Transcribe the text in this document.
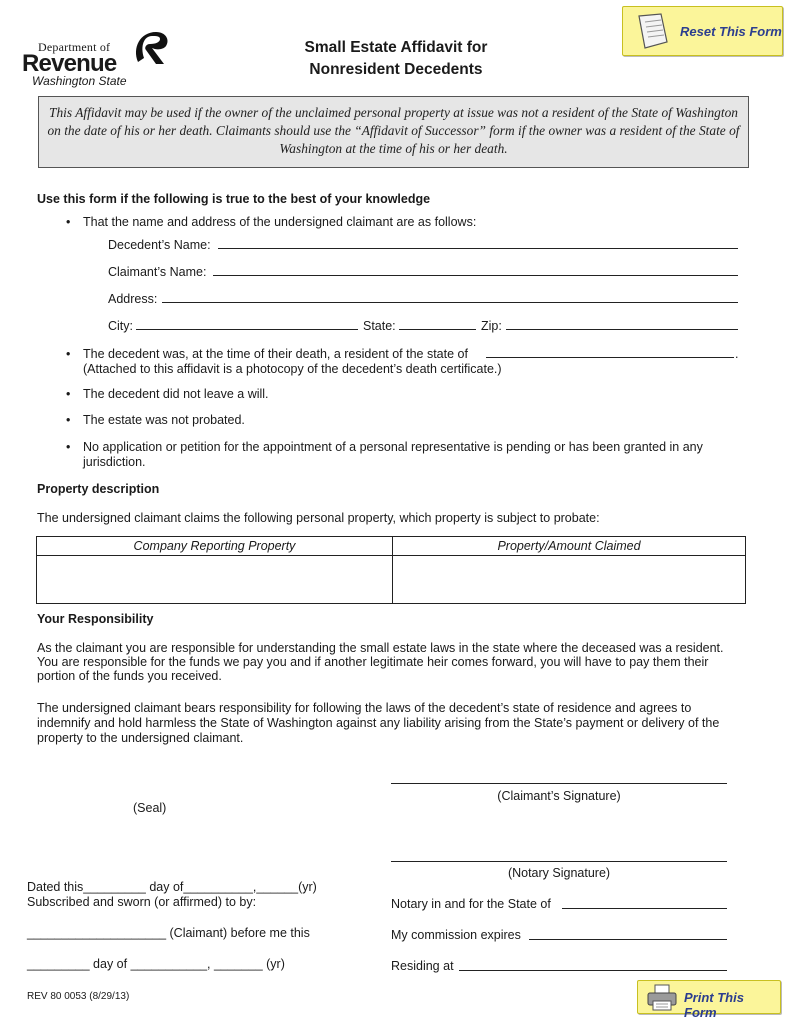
Department of
Revenue
Washington State
Small Estate Affidavit for
Nonresident Decedents
Reset This Form
This Affidavit may be used if the owner of the unclaimed personal property at issue was not a resident of the State of Washington on the date of his or her death. Claimants should use the “Affidavit of Successor” form if the owner was a resident of the State of Washington at the time of his or her death.
Use this form if the following is true to the best of your knowledge
• That the name and address of the undersigned claimant are as follows:
Decedent’s Name:
Claimant’s Name:
Address:
City:	State:	Zip:
• The decedent was, at the time of their death, a resident of the state of	.
(Attached to this affidavit is a photocopy of the decedent’s death certificate.)
• The decedent did not leave a will.
• The estate was not probated.
• No application or petition for the appointment of a personal representative is pending or has been granted in any
jurisdiction.
Property description
The undersigned claimant claims the following personal property, which property is subject to probate:
Company Reporting Property	Property/Amount Claimed
Your Responsibility
As the claimant you are responsible for understanding the small estate laws in the state where the deceased was a resident.
You are responsible for the funds we pay you and if another legitimate heir comes forward, you will have to pay them their
portion of the funds you received.
The undersigned claimant bears responsibility for following the laws of the decedent’s state of residence and agrees to
indemnify and hold harmless the State of Washington against any liability arising from the State’s payment or delivery of the
property to the undersigned claimant.
(Claimant’s Signature)
(Seal)
(Notary Signature)
Dated this_________ day of__________,______(yr)
Subscribed and sworn (or affirmed) to by:	Notary in and for the State of
____________________ (Claimant) before me this	My commission expires
_________ day of ___________, _______ (yr)	Residing at
REV 80 0053 (8/29/13)	Print This Form
